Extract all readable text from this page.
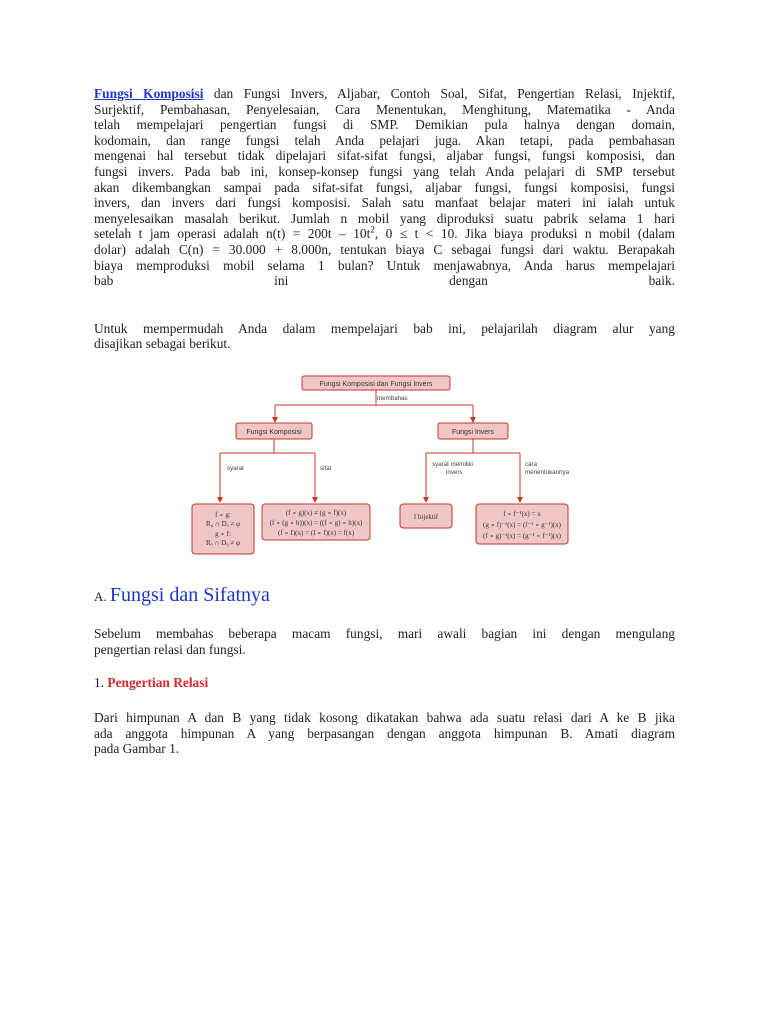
Fungsi Komposisi dan Fungsi Invers, Aljabar, Contoh Soal, Sifat, Pengertian Relasi, Injektif,
Surjektif, Pembahasan, Penyelesaian, Cara Menentukan, Menghitung, Matematika - Anda
telah mempelajari pengertian fungsi di SMP. Demikian pula halnya dengan domain,
kodomain, dan range fungsi telah Anda pelajari juga. Akan tetapi, pada pembahasan
mengenai hal tersebut tidak dipelajari sifat-sifat fungsi, aljabar fungsi, fungsi komposisi, dan
fungsi invers. Pada bab ini, konsep-konsep fungsi yang telah Anda pelajari di SMP tersebut
akan dikembangkan sampai pada sifat-sifat fungsi, aljabar fungsi, fungsi komposisi, fungsi
invers, dan invers dari fungsi komposisi. Salah satu manfaat belajar materi ini ialah untuk
menyelesaikan masalah berikut. Jumlah n mobil yang diproduksi suatu pabrik selama 1 hari
setelah t jam operasi adalah $n(t) = 200t - 10t^2$, 0 ≤ t < 10. Jika biaya produksi n mobil (dalam
dolar) adalah C(n) = 30.000 + 8.000n, tentukan biaya C sebagai fungsi dari waktu. Berapakah
biaya memproduksi mobil selama 1 bulan? Untuk menjawabnya, Anda harus mempelajari
bab ini dengan baik.

Untuk mempermudah Anda dalam mempelajari bab ini, pelajarilah diagram alur yang
disajikan sebagai berikut.

Fungsi Komposisi dan Fungsi Invers
membahas
Fungsi Komposisi	Fungsi Invers
syarat	sifat
syarat memiliki
invers
cara
menentukannya
f ∘ g:
R₉ ∩ Dₒ ≠ φ
g ∘ f:
Rₒ ∩ D₉ ≠ φ
(f ∘ g)(x) ≠ (g ∘ f)(x)
(f ∘ (g ∘ h))(x) = ((f ∘ g) ∘ h)(x)
(f ∘ I)(x) = (I ∘ f)(x) = f(x)
f bijektif	f ∘ f⁻¹(x) = x
(g ∘ f)⁻¹(x) = (f⁻¹ ∘ g⁻¹)(x)
(f ∘ g)⁻¹(x) = (g⁻¹ ∘ f⁻¹)(x)
A. Fungsi dan Sifatnya

Sebelum membahas beberapa macam fungsi, mari awali bagian ini dengan mengulang
pengertian relasi dan fungsi.

1. Pengertian Relasi

Dari himpunan A dan B yang tidak kosong dikatakan bahwa ada suatu relasi dari A ke B jika
ada anggota himpunan A yang berpasangan dengan anggota himpunan B. Amati diagram
pada Gambar 1.
